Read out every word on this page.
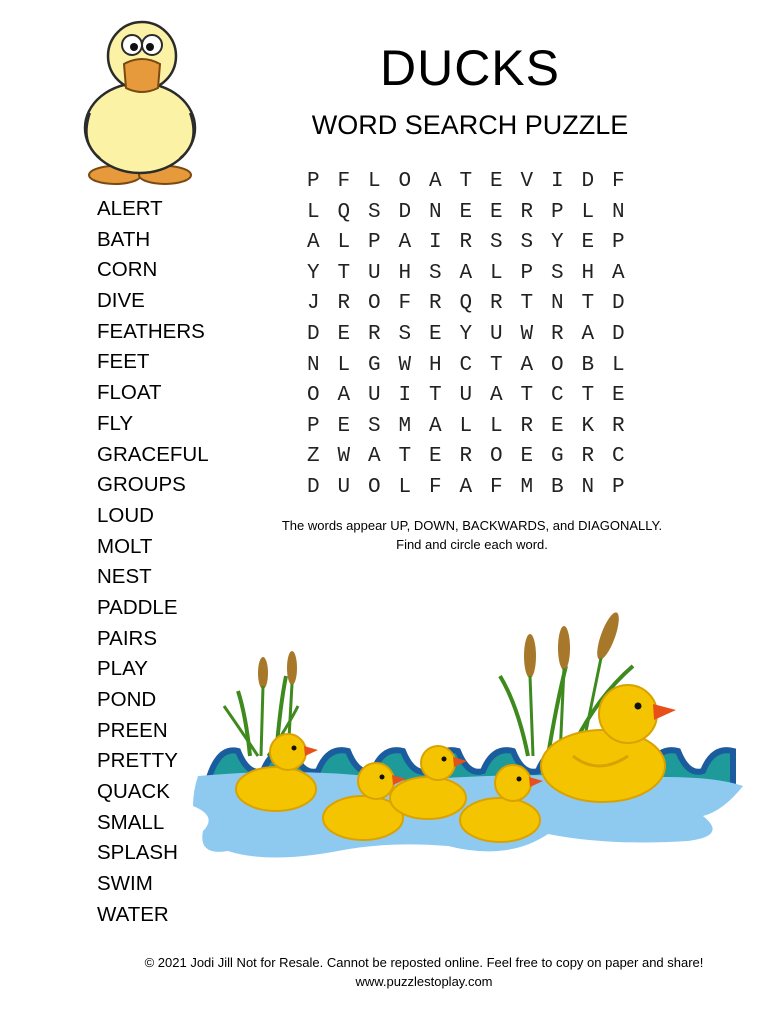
DUCKS
WORD SEARCH PUZZLE
ALERT
BATH
CORN
DIVE
FEATHERS
FEET
FLOAT
FLY
GRACEFUL
GROUPS
LOUD
MOLT
NEST
PADDLE
PAIRS
PLAY
POND
PREEN
PRETTY
QUACK
SMALL
SPLASH
SWIM
WATER
P F L O A T E V I D F
L Q S D N E E R P L N
A L P A I R S S Y E P
Y T U H S A L P S H A
J R O F R Q R T N T D
D E R S E Y U W R A D
N L G W H C T A O B L
O A U I T U A T C T E
P E S M A L L R E K R
Z W A T E R O E G R C
D U O L F A F M B N P
The words appear UP, DOWN, BACKWARDS, and DIAGONALLY.
Find and circle each word.
© 2021 Jodi Jill Not for Resale. Cannot be reposted online. Feel free to copy on paper and share!
www.puzzlestoplay.com
